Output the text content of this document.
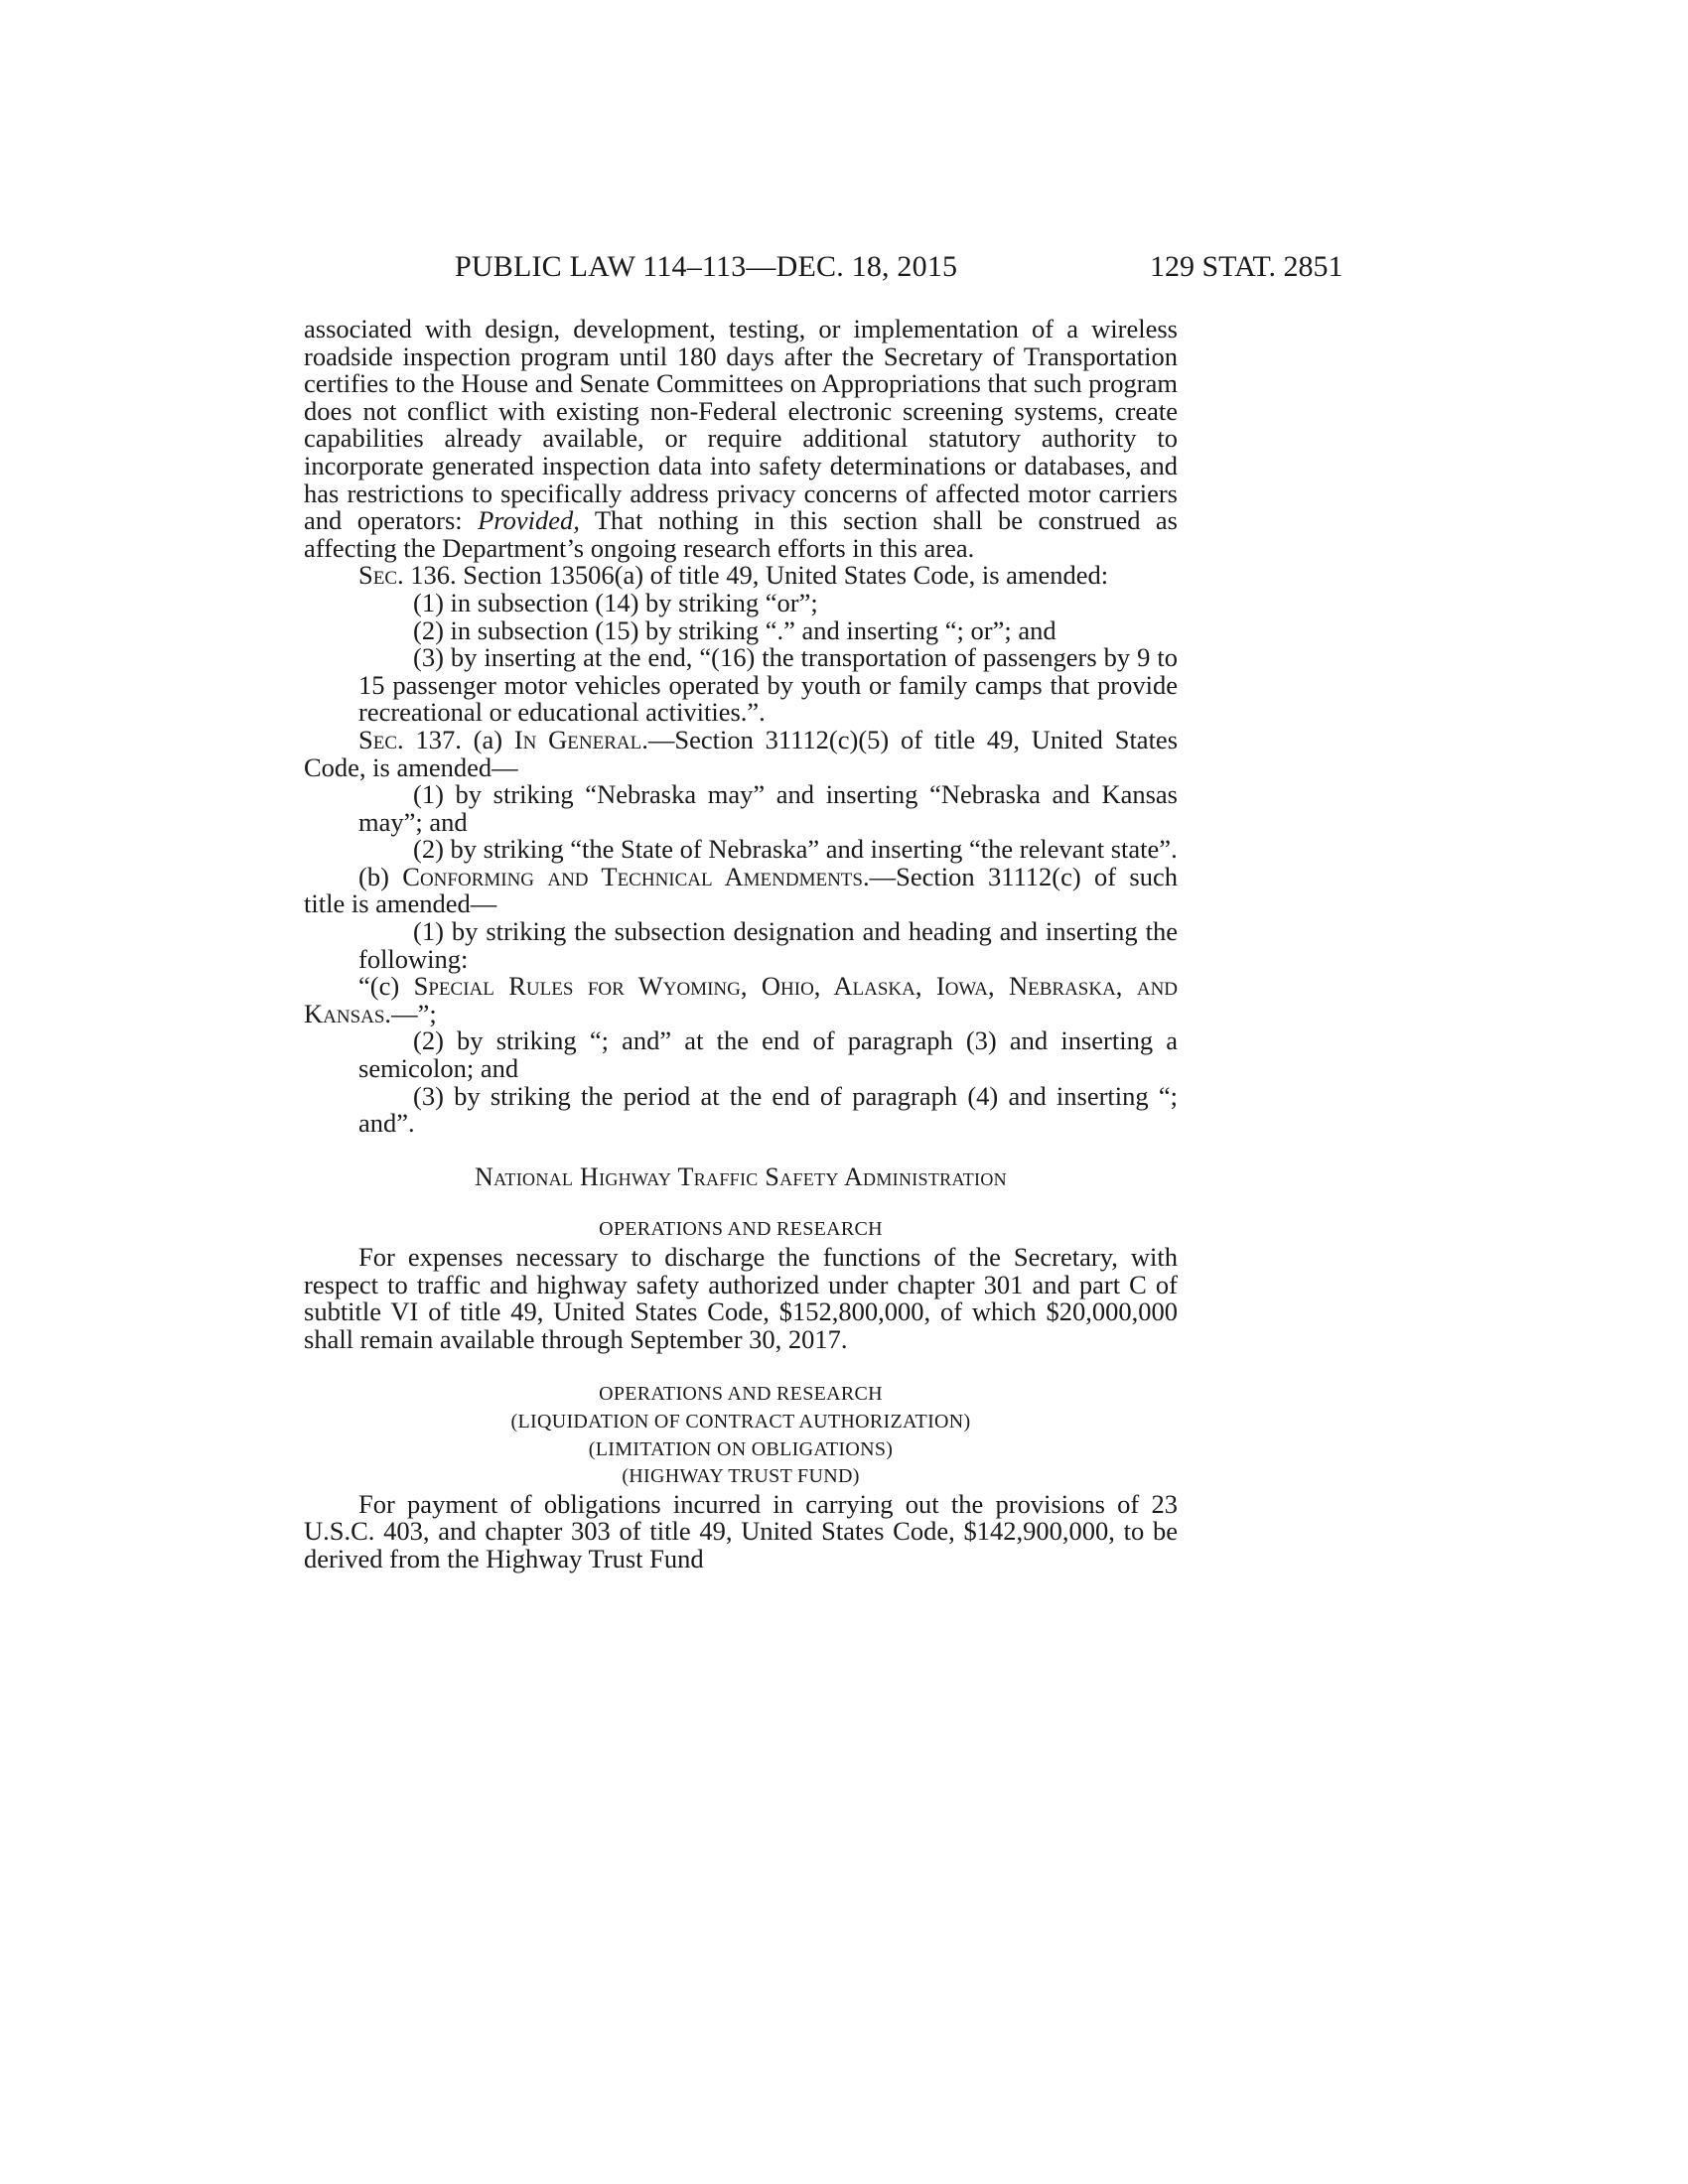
PUBLIC LAW 114–113—DEC. 18, 2015	129 STAT. 2851

associated with design, development, testing, or implementation of a wireless roadside inspection program until 180 days after the Secretary of Transportation certifies to the House and Senate Committees on Appropriations that such program does not conflict with existing non-Federal electronic screening systems, create capabilities already available, or require additional statutory authority to incorporate generated inspection data into safety determinations or databases, and has restrictions to specifically address privacy concerns of affected motor carriers and operators: Provided, That nothing in this section shall be construed as affecting the Department’s ongoing research efforts in this area.

Sec. 136. Section 13506(a) of title 49, United States Code, is amended:

(1) in subsection (14) by striking “or”;

(2) in subsection (15) by striking “.” and inserting “; or”; and

(3) by inserting at the end, “(16) the transportation of passengers by 9 to 15 passenger motor vehicles operated by youth or family camps that provide recreational or educational activities.”.

Sec. 137. (a) In General.—Section 31112(c)(5) of title 49, United States Code, is amended—

(1) by striking “Nebraska may” and inserting “Nebraska and Kansas may”; and

(2) by striking “the State of Nebraska” and inserting “the relevant state”.

(b) Conforming and Technical Amendments.—Section 31112(c) of such title is amended—

(1) by striking the subsection designation and heading and inserting the following:

“(c) Special Rules for Wyoming, Ohio, Alaska, Iowa, Nebraska, and Kansas.—”;

(2) by striking “; and” at the end of paragraph (3) and inserting a semicolon; and

(3) by striking the period at the end of paragraph (4) and inserting “; and”.

National Highway Traffic Safety Administration

OPERATIONS AND RESEARCH

For expenses necessary to discharge the functions of the Secretary, with respect to traffic and highway safety authorized under chapter 301 and part C of subtitle VI of title 49, United States Code, $152,800,000, of which $20,000,000 shall remain available through September 30, 2017.

OPERATIONS AND RESEARCH

(LIQUIDATION OF CONTRACT AUTHORIZATION)

(LIMITATION ON OBLIGATIONS)

(HIGHWAY TRUST FUND)

For payment of obligations incurred in carrying out the provisions of 23 U.S.C. 403, and chapter 303 of title 49, United States Code, $142,900,000, to be derived from the Highway Trust Fund
